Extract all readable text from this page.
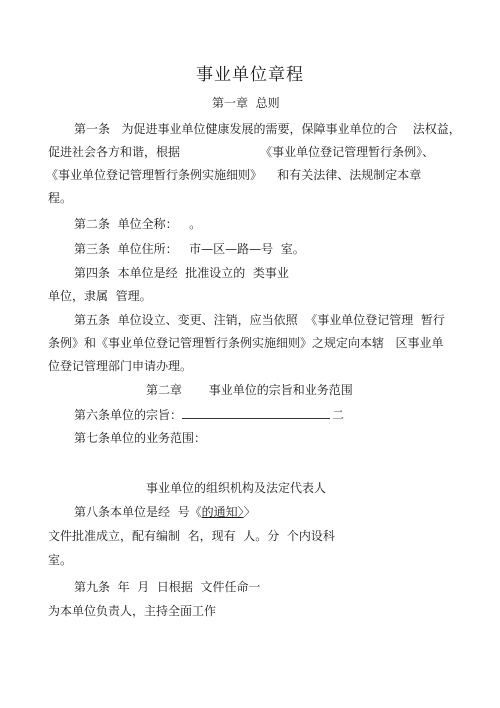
事业单位章程
第一章  总则
第一条   为促进事业单位健康发展的需要，保障事业单位的合    法权益，
促进社会各方和谐，根据                     《事业单位登记管理暂行条例》、
《事业单位登记管理暂行条例实施细则》    和有关法律、法规制定本章
程。
第二条  单位全称：   。
第三条  单位住所：   市—区—路—号  室。
第四条  本单位是经  批准设立的  类事业
单位，隶属  管理。
第五条  单位设立、变更、注销，应当依照  《事业单位登记管理  暂行
条例》和《事业单位登记管理暂行条例实施细则》之规定向本辖   区事业单
位登记管理部门申请办理。
第二章       事业单位的宗旨和业务范围
第六条单位的宗旨：	二
第七条单位的业务范围：
事业单位的组织机构及法定代表人
第八条本单位是经  号《的通知〉〉
文件批准成立，配有编制  名，现有  人。分  个内设科
室。
第九条  年  月  日根据  文件任命一
为本单位负责人，主持全面工作
